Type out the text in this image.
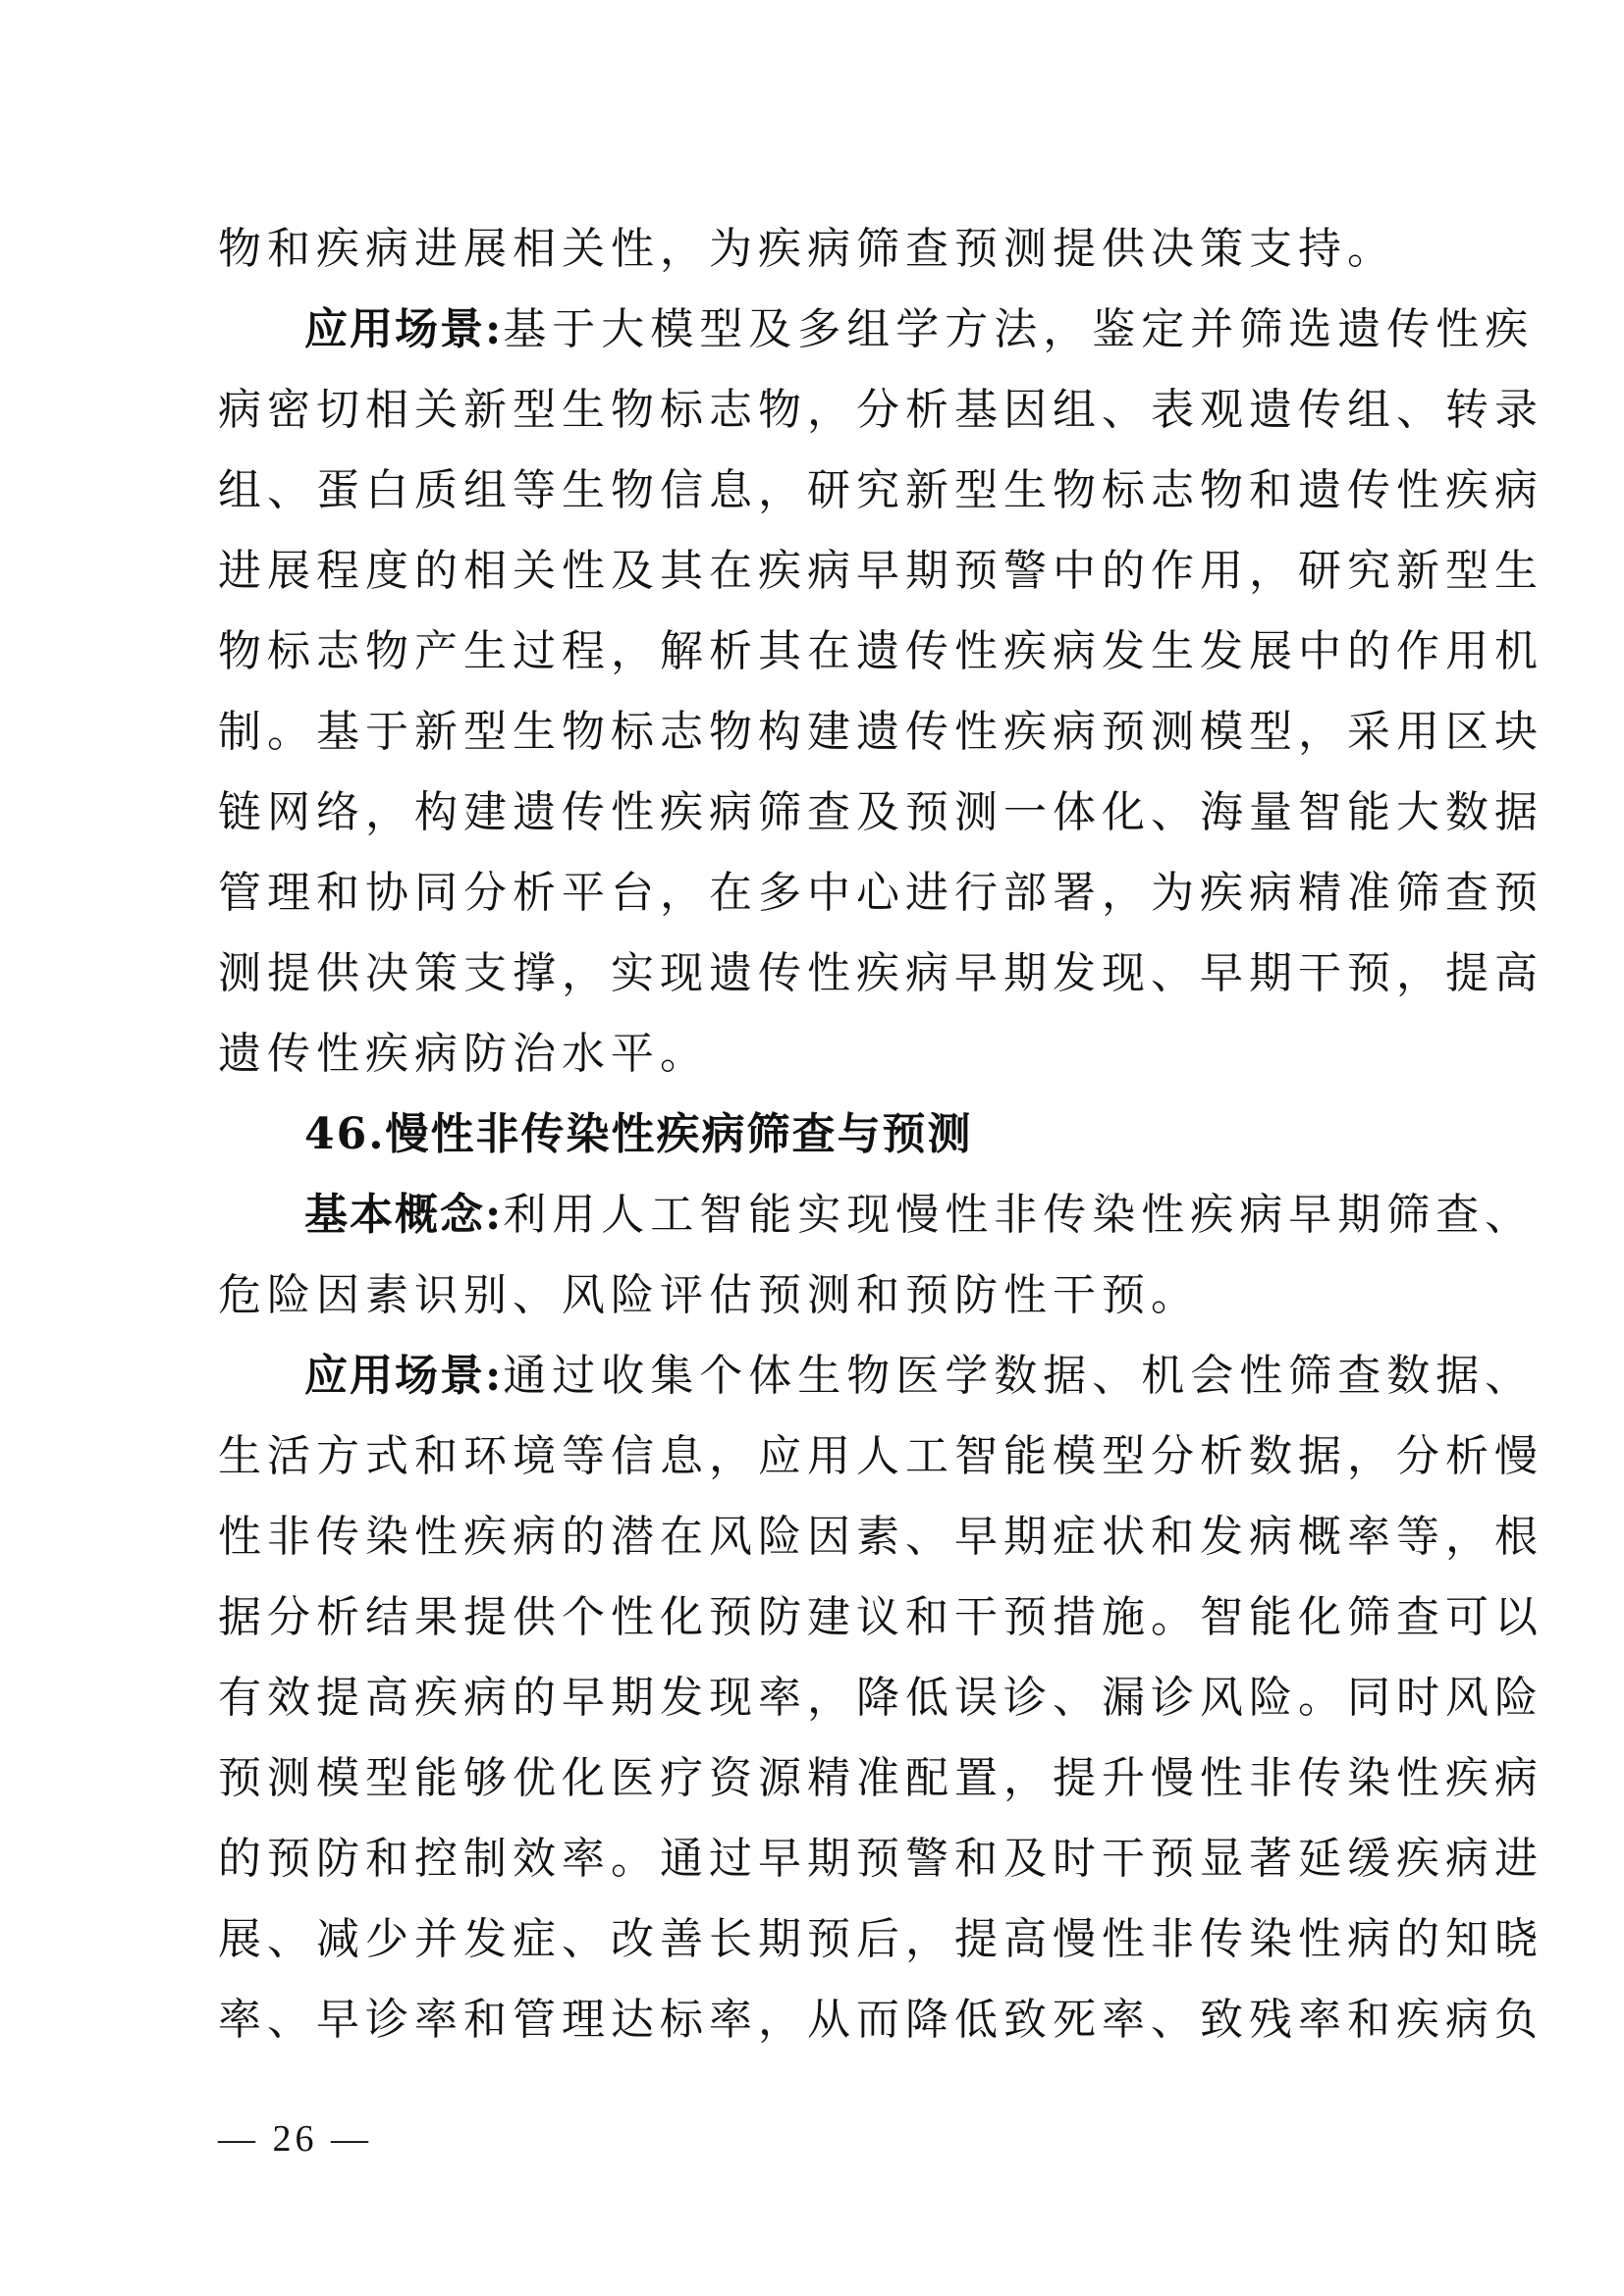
物和疾病进展相关性，为疾病筛查预测提供决策支持。
应用场景:基于大模型及多组学方法，鉴定并筛选遗传性疾
病密切相关新型生物标志物，分析基因组、表观遗传组、转录
组、蛋白质组等生物信息，研究新型生物标志物和遗传性疾病
进展程度的相关性及其在疾病早期预警中的作用，研究新型生
物标志物产生过程，解析其在遗传性疾病发生发展中的作用机
制。基于新型生物标志物构建遗传性疾病预测模型，采用区块
链网络，构建遗传性疾病筛查及预测一体化、海量智能大数据
管理和协同分析平台，在多中心进行部署，为疾病精准筛查预
测提供决策支撑，实现遗传性疾病早期发现、早期干预，提高
遗传性疾病防治水平。
46.慢性非传染性疾病筛查与预测
基本概念:利用人工智能实现慢性非传染性疾病早期筛查、
危险因素识别、风险评估预测和预防性干预。
应用场景:通过收集个体生物医学数据、机会性筛查数据、
生活方式和环境等信息，应用人工智能模型分析数据，分析慢
性非传染性疾病的潜在风险因素、早期症状和发病概率等，根
据分析结果提供个性化预防建议和干预措施。智能化筛查可以
有效提高疾病的早期发现率，降低误诊、漏诊风险。同时风险
预测模型能够优化医疗资源精准配置，提升慢性非传染性疾病
的预防和控制效率。通过早期预警和及时干预显著延缓疾病进
展、减少并发症、改善长期预后，提高慢性非传染性病的知晓
率、早诊率和管理达标率，从而降低致死率、致残率和疾病负
— 26 —
